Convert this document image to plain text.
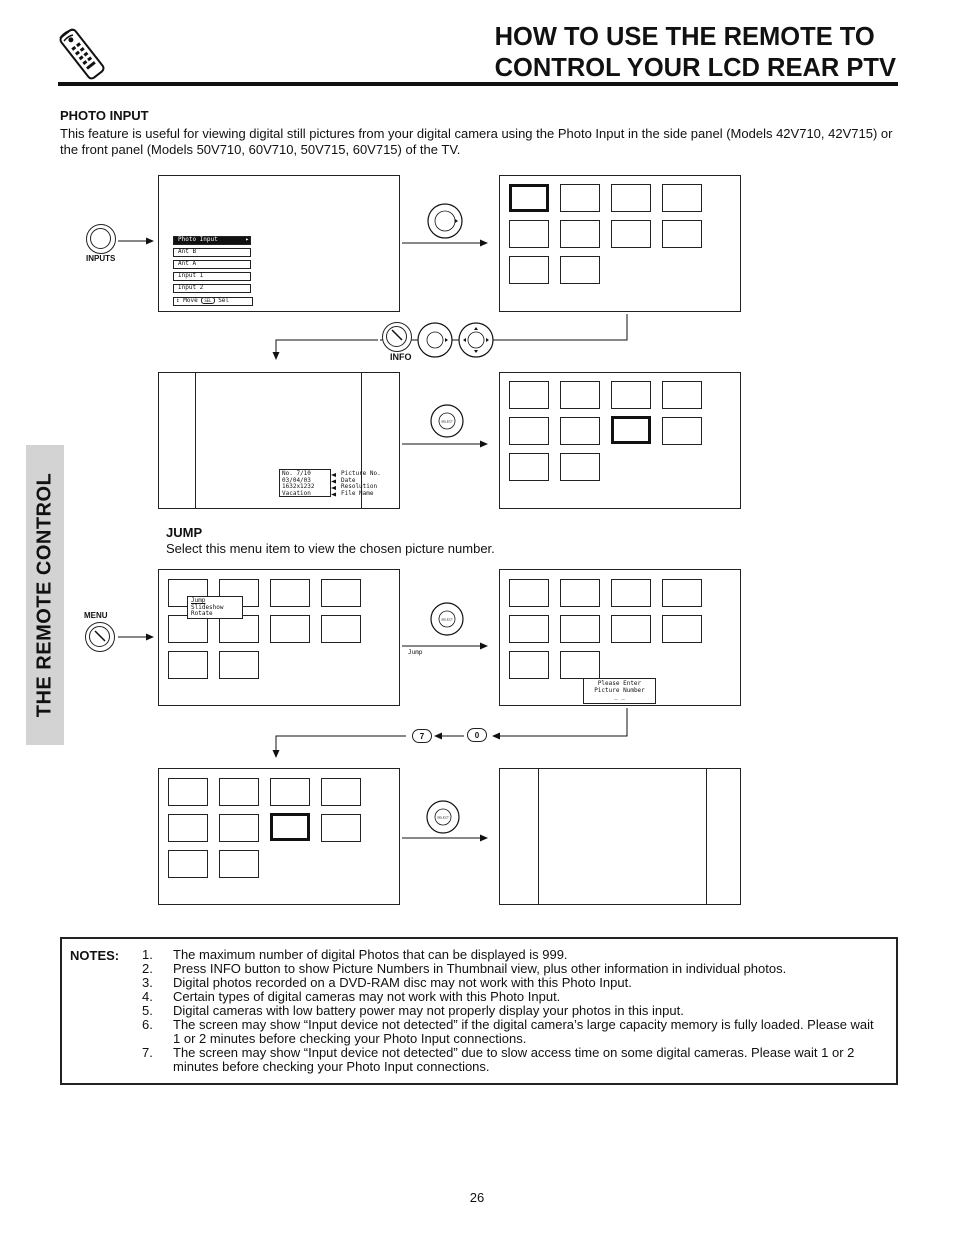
HOW TO USE THE REMOTE TO
CONTROL YOUR LCD REAR PTV
THE REMOTE CONTROL
PHOTO INPUT
This feature is useful for viewing digital still pictures from your digital camera using the Photo Input in the side panel (Models 42V710, 42V715) or the front panel (Models 50V710, 60V710, 50V715, 60V715) of the TV.
INPUTS
Photo Input	▸
Ant B
Ant A
Input 1
Input 2
↕ Move SEL Sel
INFO
No. 7/10
03/04/03
1632x1232
Vacation
Picture No.
Date
Resolution
File Name
SELECT
JUMP
Select this menu item to view the chosen picture number.
MENU
Jump
Slideshow
Rotate
SELECT
Jump
Please Enter
Picture Number
_ _
7	0
SELECT
NOTES: 1. The maximum number of digital Photos that can be displayed is 999.
2. Press INFO button to show Picture Numbers in Thumbnail view, plus other information in individual photos.
3. Digital photos recorded on a DVD-RAM disc may not work with this Photo Input.
4. Certain types of digital cameras may not work with this Photo Input.
5. Digital cameras with low battery power may not properly display your photos in this input.
6. The screen may show “Input device not detected” if the digital camera’s large capacity memory is fully loaded. Please wait 1 or 2 minutes before checking your Photo Input connections.
7. The screen may show “Input device not detected” due to slow access time on some digital cameras. Please wait 1 or 2 minutes before checking your Photo Input connections.
26
